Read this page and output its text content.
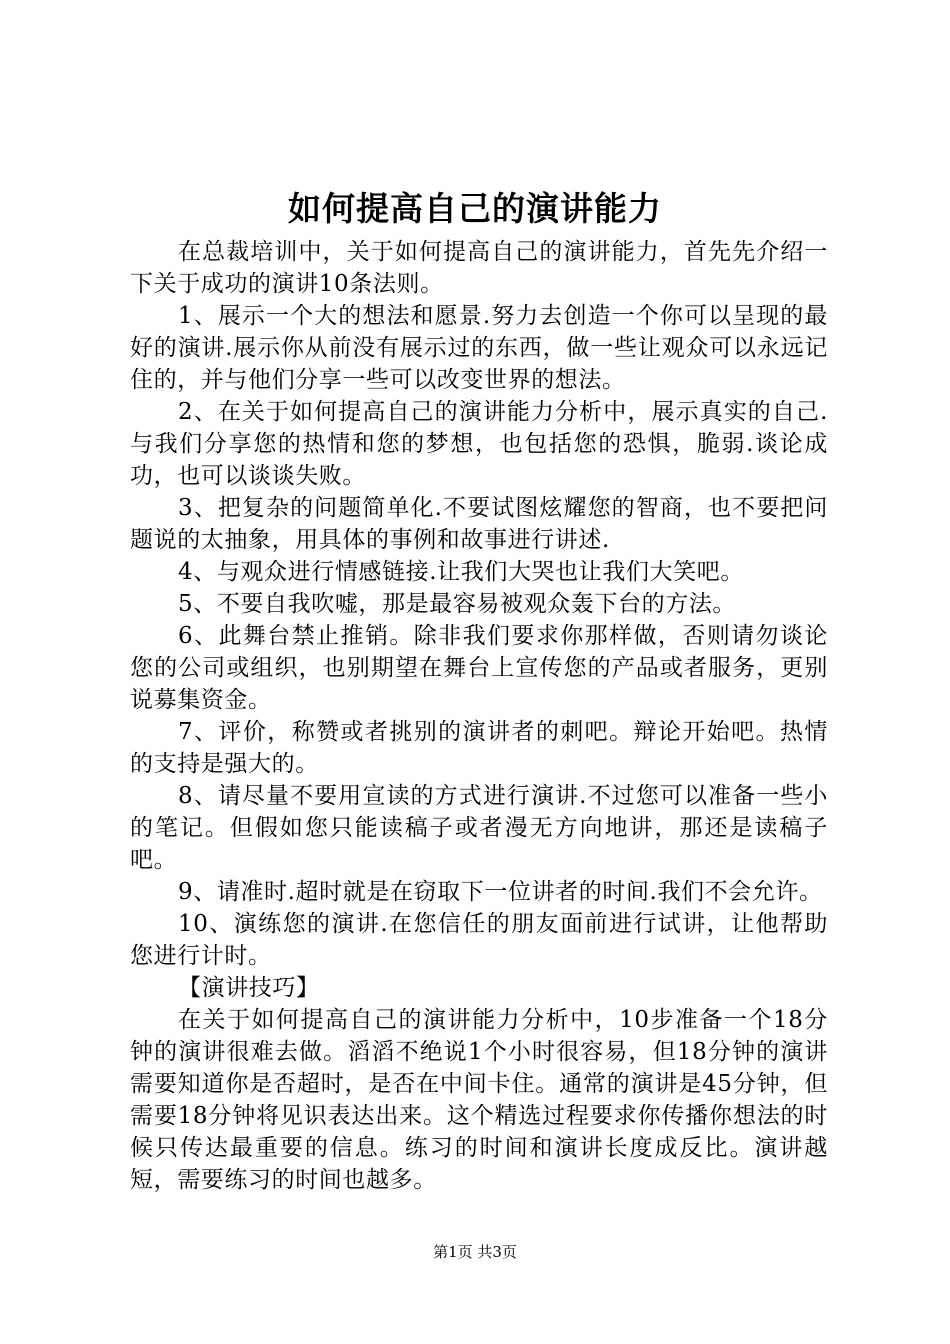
如何提高自己的演讲能力

在总裁培训中，关于如何提高自己的演讲能力，首先先介绍一下关于成功的演讲10条法则。

1、展示一个大的想法和愿景.努力去创造一个你可以呈现的最好的演讲.展示你从前没有展示过的东西，做一些让观众可以永远记住的，并与他们分享一些可以改变世界的想法。

2、在关于如何提高自己的演讲能力分析中，展示真实的自己.与我们分享您的热情和您的梦想，也包括您的恐惧，脆弱.谈论成功，也可以谈谈失败。

3、把复杂的问题简单化.不要试图炫耀您的智商，也不要把问题说的太抽象，用具体的事例和故事进行讲述.

4、与观众进行情感链接.让我们大哭也让我们大笑吧。

5、不要自我吹嘘，那是最容易被观众轰下台的方法。

6、此舞台禁止推销。除非我们要求你那样做，否则请勿谈论您的公司或组织，也别期望在舞台上宣传您的产品或者服务，更别说募集资金。

7、评价，称赞或者挑别的演讲者的刺吧。辩论开始吧。热情的支持是强大的。

8、请尽量不要用宣读的方式进行演讲.不过您可以准备一些小的笔记。但假如您只能读稿子或者漫无方向地讲，那还是读稿子吧。

9、请准时.超时就是在窃取下一位讲者的时间.我们不会允许。

10、演练您的演讲.在您信任的朋友面前进行试讲，让他帮助您进行计时。

【演讲技巧】

在关于如何提高自己的演讲能力分析中，10步准备一个18分钟的演讲很难去做。滔滔不绝说1个小时很容易，但18分钟的演讲需要知道你是否超时，是否在中间卡住。通常的演讲是45分钟，但需要18分钟将见识表达出来。这个精选过程要求你传播你想法的时候只传达最重要的信息。练习的时间和演讲长度成反比。演讲越短，需要练习的时间也越多。

第1页 共3页
